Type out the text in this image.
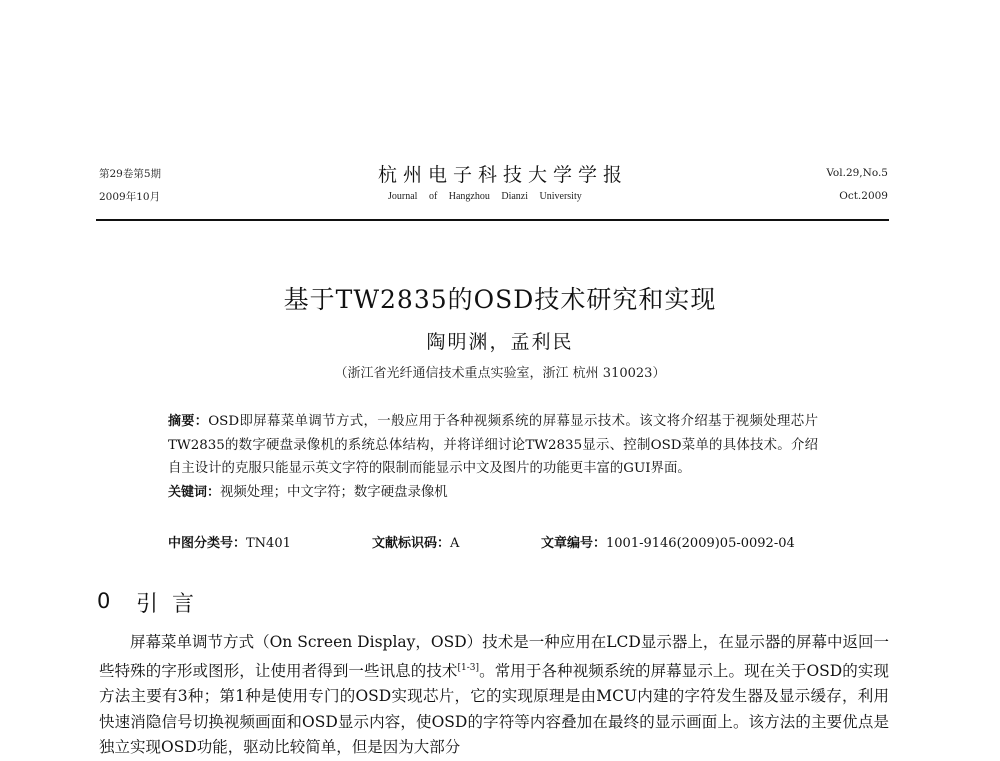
第29卷第5期
2009年10月
杭州电子科技大学学报
Journal of Hangzhou Dianzi University
Vol.29,No.5
Oct.2009
基于TW2835的OSD技术研究和实现
陶明渊，孟利民
（浙江省光纤通信技术重点实验室，浙江 杭州 310023）

摘要：OSD即屏幕菜单调节方式，一般应用于各种视频系统的屏幕显示技术。该文将介绍基于视频处理芯片TW2835的数字硬盘录像机的系统总体结构，并将详细讨论TW2835显示、控制OSD菜单的具体技术。介绍自主设计的克服只能显示英文字符的限制而能显示中文及图片的功能更丰富的GUI界面。

关键词：视频处理；中文字符；数字硬盘录像机

中图分类号：TN401	文献标识码：A	文章编号：1001-9146(2009)05-0092-04
0 引言

屏幕菜单调节方式（On Screen Display，OSD）技术是一种应用在LCD显示器上，在显示器的屏幕中返回一些特殊的字形或图形，让使用者得到一些讯息的技术[1-3]。常用于各种视频系统的屏幕显示上。现在关于OSD的实现方法主要有3种；第1种是使用专门的OSD实现芯片，它的实现原理是由MCU内建的字符发生器及显示缓存，利用快速消隐信号切换视频画面和OSD显示内容，使OSD的字符等内容叠加在最终的显示画面上。该方法的主要优点是独立实现OSD功能，驱动比较简单，但是因为大部分
